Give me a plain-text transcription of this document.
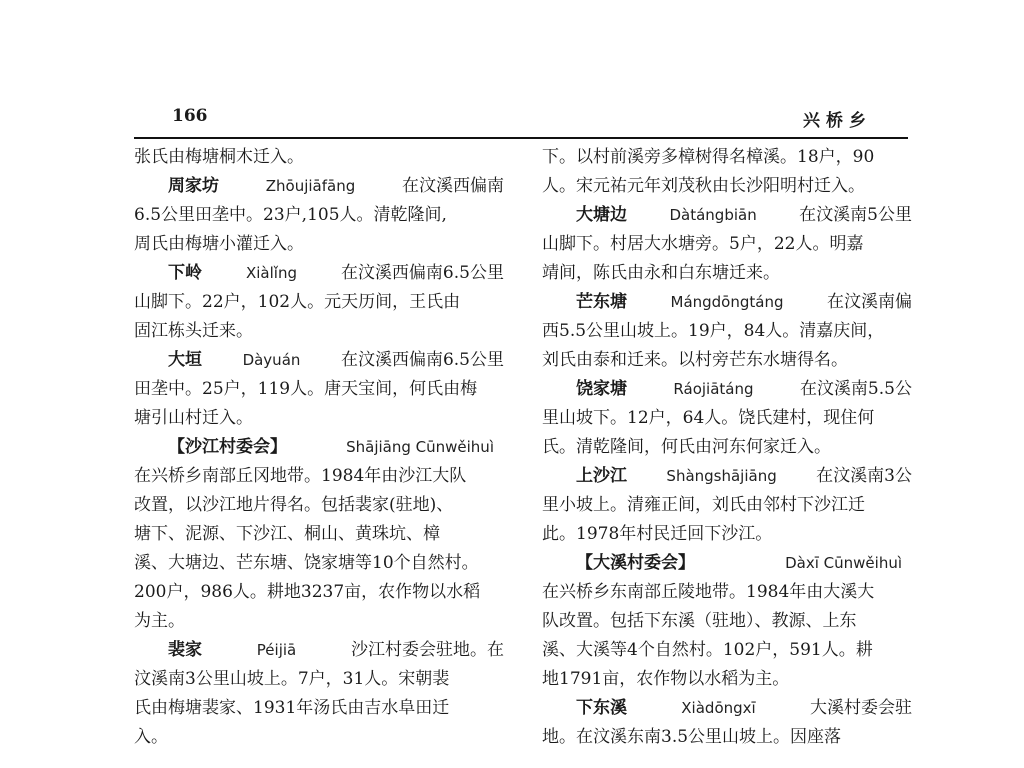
166	兴桥乡
张氏由梅塘桐木迁入。
周家坊	Zhōujiāfāng	在汶溪西偏南
6.5公里田垄中。23户,105人。清乾隆间,
周氏由梅塘小灌迁入。
下岭	Xiàlǐng	在汶溪西偏南6.5公里
山脚下。22户，102人。元天历间，王氏由
固江栋头迁来。
大垣	Dàyuán 在汶溪西偏南6.5公里
田垄中。25户，119人。唐天宝间，何氏由梅
塘引山村迁入。
【沙江村委会】	Shājiāng Cūnwěihuì
在兴桥乡南部丘冈地带。1984年由沙江大队
改置，以沙江地片得名。包括裴家(驻地)、
塘下、泥源、下沙江、桐山、黄珠坑、樟
溪、大塘边、芒东塘、饶家塘等10个自然村。
200户，986人。耕地3237亩，农作物以水稻
为主。
裴家	Péijiā	沙江村委会驻地。在
汶溪南3公里山坡上。7户，31人。宋朝裴
氏由梅塘裴家、1931年汤氏由吉水阜田迁
入。
下。以村前溪旁多樟树得名樟溪。18户，90
人。宋元祐元年刘茂秋由长沙阳明村迁入。
大塘边	Dàtángbiān 在汶溪南5公里
山脚下。村居大水塘旁。5户，22人。明嘉
靖间，陈氏由永和白东塘迁来。
芒东塘	Mángdōngtáng	在汶溪南偏
西5.5公里山坡上。19户，84人。清嘉庆间，
刘氏由泰和迁来。以村旁芒东水塘得名。
饶家塘	Ráojiātáng	在汶溪南5.5公
里山坡下。12户，64人。饶氏建村，现住何
氏。清乾隆间，何氏由河东何家迁入。
上沙江	Shàngshājiāng 在汶溪南3公
里小坡上。清雍正间，刘氏由邻村下沙江迁
此。1978年村民迁回下沙江。
【大溪村委会】	Dàxī Cūnwěihuì
在兴桥乡东南部丘陵地带。1984年由大溪大
队改置。包括下东溪（驻地）、教源、上东
溪、大溪等4个自然村。102户，591人。耕
地1791亩，农作物以水稻为主。
下东溪	Xiàdōngxī	大溪村委会驻
地。在汶溪东南3.5公里山坡上。因座落
